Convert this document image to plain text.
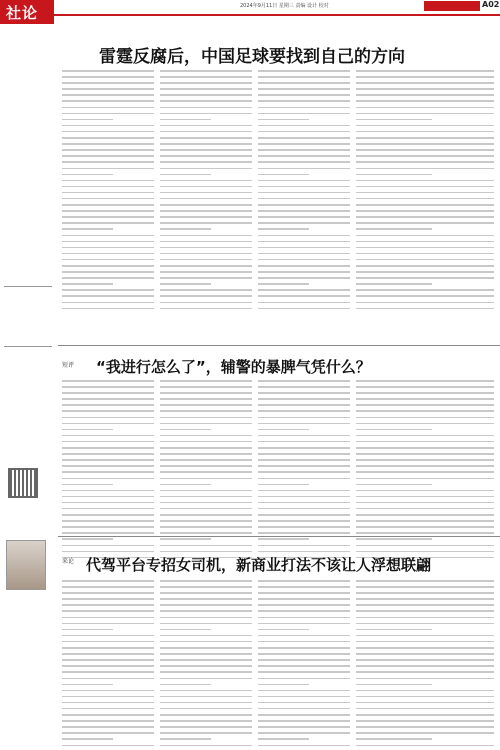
社论	2024年9月11日 星期三 责编 设计 校对	A02
雷霆反腐后，中国足球要找到自己的方向
短评 “我进行怎么了”，辅警的暴脾气凭什么？
来论 代驾平台专招女司机，新商业打法不该让人浮想联翩
